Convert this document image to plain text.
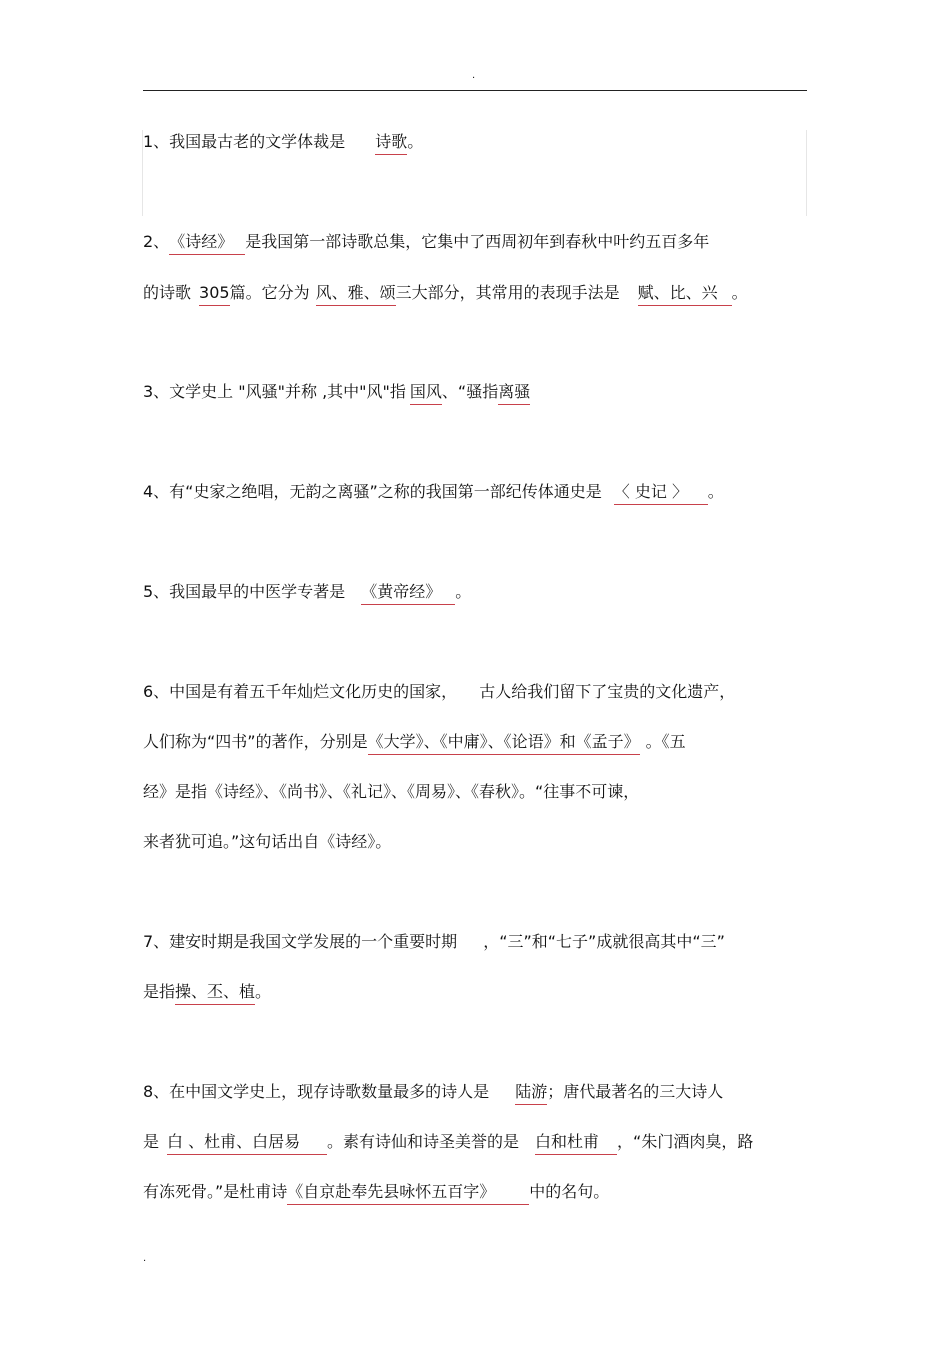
.
1、我国最古老的文学体裁是 诗歌。
2、《诗经》 是我国第一部诗歌总集，它集中了西周初年到春秋中叶约五百多年
的诗歌 305篇。它分为 风、雅、颂三大部分，其常用的表现手法是 赋、比、兴 。
3、文学史上 "风骚"并称 ,其中"风"指 国风、“骚指离骚
4、有“史家之绝唱，无韵之离骚”之称的我国第一部纪传体通史是 〈 史记 〉 。
5、我国最早的中医学专著是 《黄帝经》 。
6、中国是有着五千年灿烂文化历史的国家， 古人给我们留下了宝贵的文化遗产，
人们称为“四书”的著作，分别是《大学》、《中庸》、《论语》和《孟子》 。《五
经》是指《诗经》、《尚书》、《礼记》、《周易》、《春秋》。“往事不可谏，
来者犹可追。”这句话出自《诗经》。
7、建安时期是我国文学发展的一个重要时期 ，“三”和“七子”成就很高其中“三”
是指操、丕、植。
8、在中国文学史上，现存诗歌数量最多的诗人是 陆游；唐代最著名的三大诗人
是 白 、杜甫、白居易 。素有诗仙和诗圣美誉的是 白和杜甫 ，“朱门酒肉臭，路
有冻死骨。”是杜甫诗《自京赴奉先县咏怀五百字》 中的名句。
.
